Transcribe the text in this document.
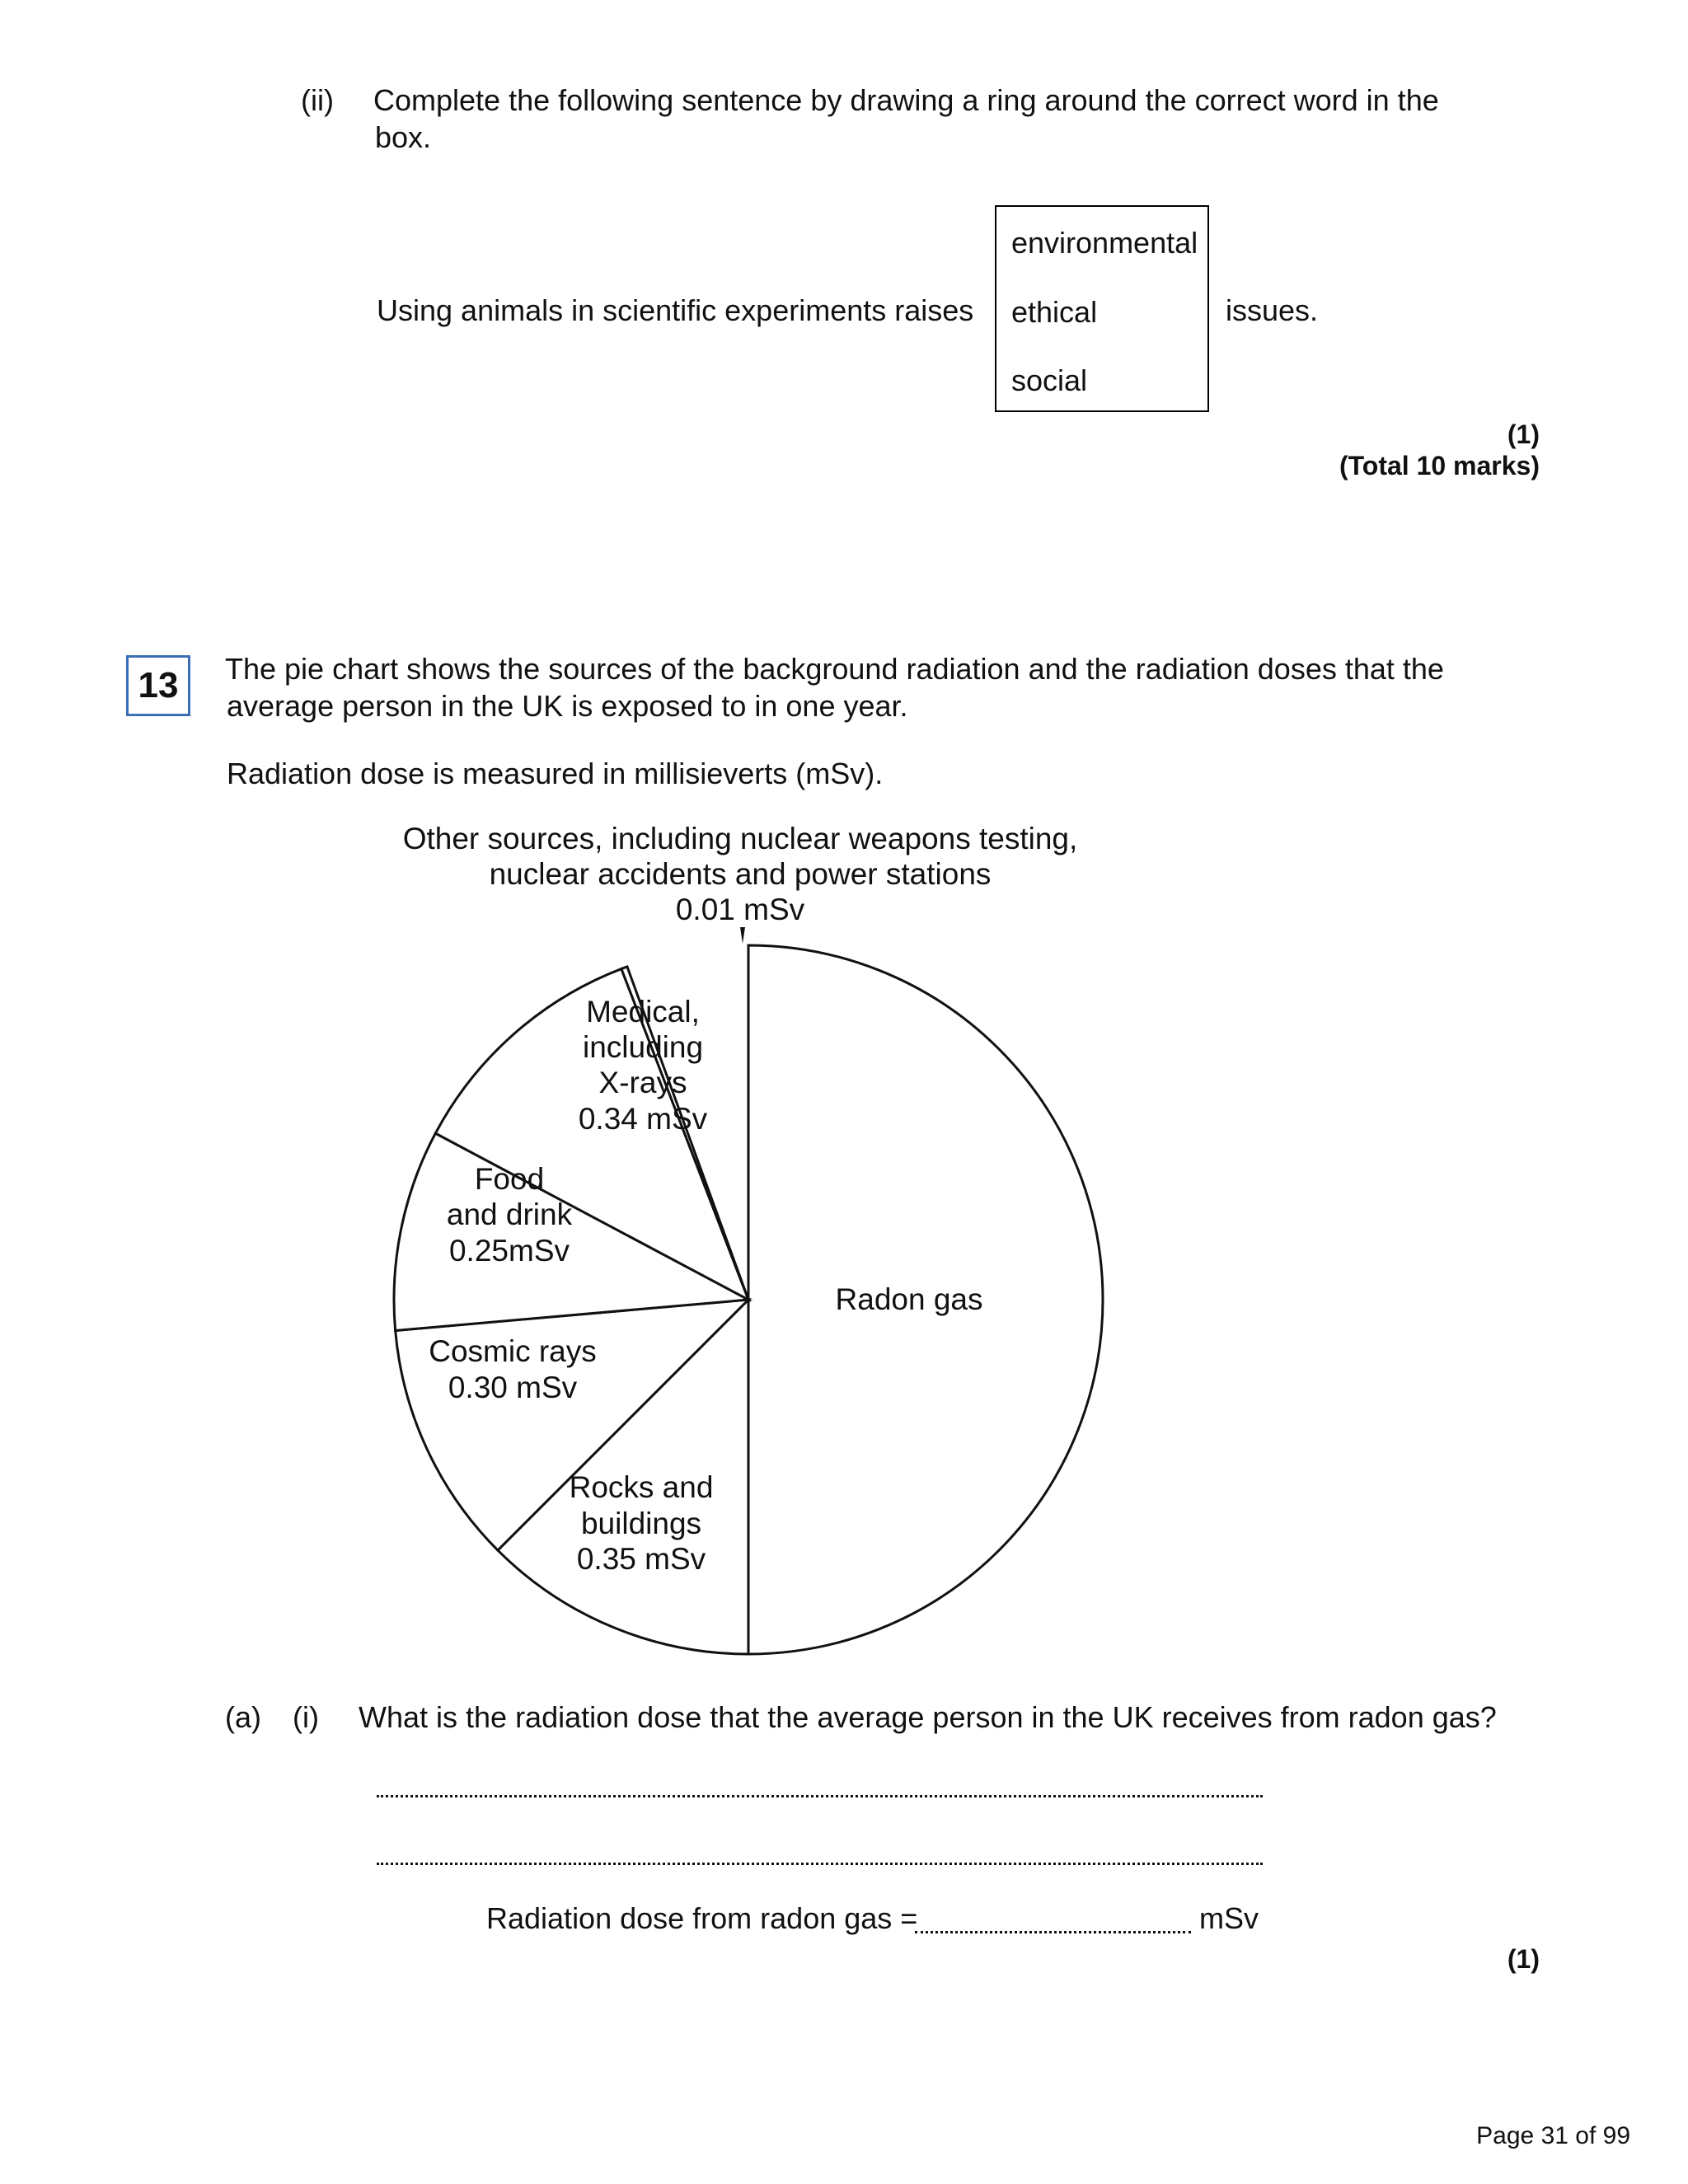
(ii) Complete the following sentence by drawing a ring around the correct word in the
box.
Using animals in scientific experiments raises
environmental
ethical
social
issues.
(1)
(Total 10 marks)
13	The pie chart shows the sources of the background radiation and the radiation doses that the
average person in the UK is exposed to in one year.
Radiation dose is measured in millisieverts (mSv).
Other sources, including nuclear weapons testing,
nuclear accidents and power stations
0.01 mSv
Medical,
including
X-rays
0.34 mSv
Food
and drink
0.25mSv
Cosmic rays
0.30 mSv
Rocks and
buildings
0.35 mSv
Radon gas
(a) (i) What is the radiation dose that the average person in the UK receives from radon gas?
Radiation dose from radon gas =	mSv
(1)
Page 31 of 99
